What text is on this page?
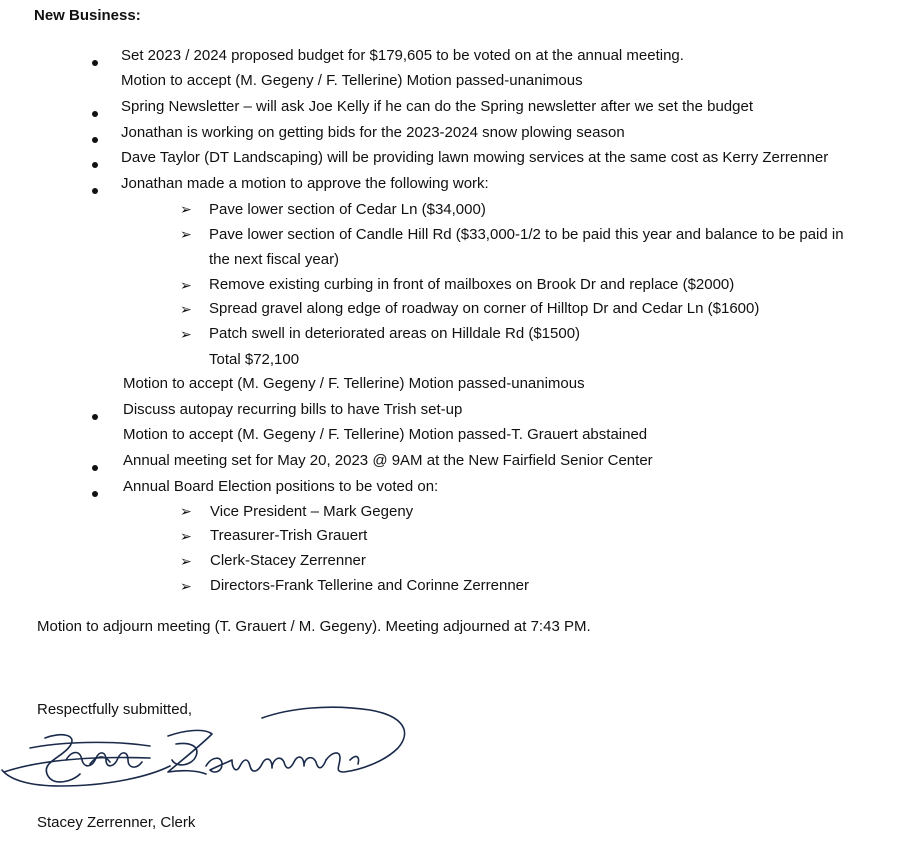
New Business:
Set 2023 / 2024 proposed budget for $179,605 to be voted on at the annual meeting.
Motion to accept (M. Gegeny / F. Tellerine) Motion passed-unanimous
Spring Newsletter – will ask Joe Kelly if he can do the Spring newsletter after we set the budget
Jonathan is working on getting bids for the 2023-2024 snow plowing season
Dave Taylor (DT Landscaping) will be providing lawn mowing services at the same cost as Kerry Zerrenner
Jonathan made a motion to approve the following work:
➢ Pave lower section of Cedar Ln ($34,000)
➢ Pave lower section of Candle Hill Rd ($33,000-1/2 to be paid this year and balance to be paid in
the next fiscal year)
➢ Remove existing curbing in front of mailboxes on Brook Dr and replace ($2000)
➢ Spread gravel along edge of roadway on corner of Hilltop Dr and Cedar Ln ($1600)
➢ Patch swell in deteriorated areas on Hilldale Rd ($1500)
Total $72,100
Motion to accept (M. Gegeny / F. Tellerine) Motion passed-unanimous
Discuss autopay recurring bills to have Trish set-up
Motion to accept (M. Gegeny / F. Tellerine) Motion passed-T. Grauert abstained
Annual meeting set for May 20, 2023 @ 9AM at the New Fairfield Senior Center
Annual Board Election positions to be voted on:
➢ Vice President – Mark Gegeny
➢ Treasurer-Trish Grauert
➢ Clerk-Stacey Zerrenner
➢ Directors-Frank Tellerine and Corinne Zerrenner
Motion to adjourn meeting (T. Grauert / M. Gegeny). Meeting adjourned at 7:43 PM.
Respectfully submitted,
Stacey Zerrenner, Clerk
